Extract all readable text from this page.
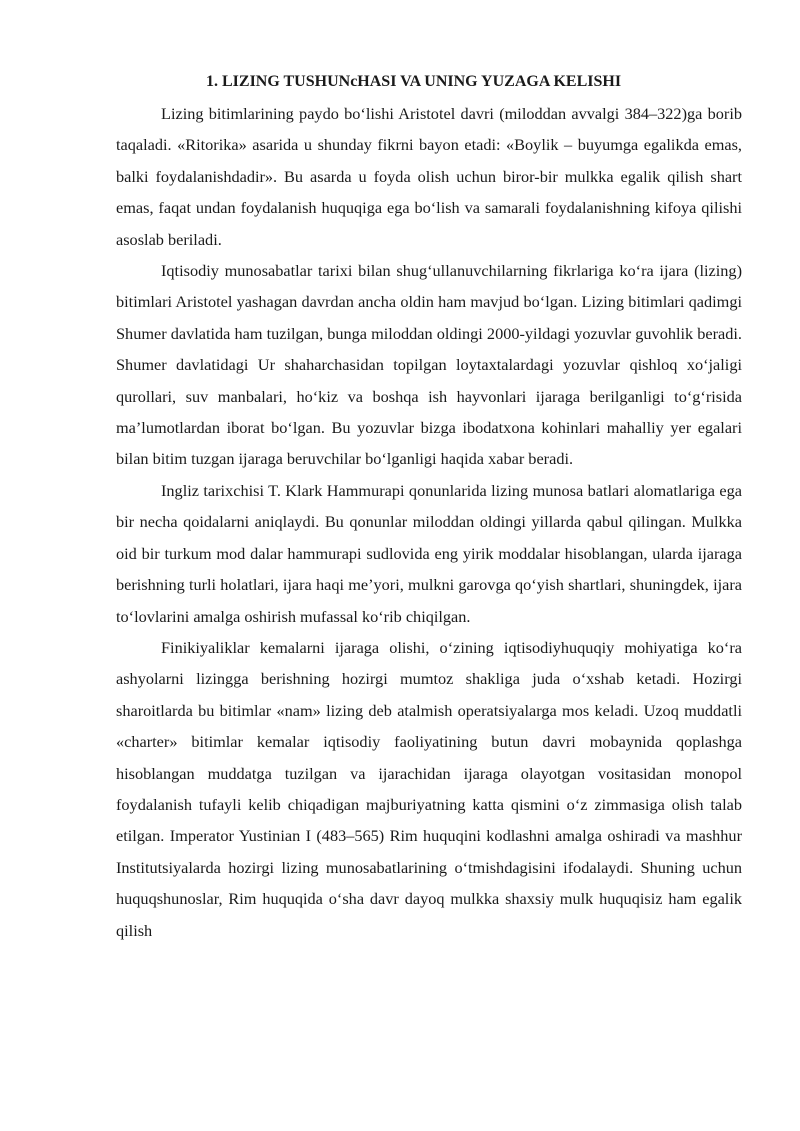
1. LIZING TUSHUNcHASI VA UNING YUZAGA KELISHI

Lizing bitimlarining paydo bo‘lishi Aristotel davri (miloddan avvalgi 384–322)ga borib taqaladi. «Ritorika» asarida u shunday fikrni bayon etadi: «Boylik – buyumga egalikda emas, balki foydalanishdadir». Bu asarda u foyda olish uchun biror-bir mulkka egalik qilish shart emas, faqat undan foydalanish huquqiga ega bo‘lish va samarali foydalanishning kifoya qilishi asoslab beriladi.

Iqtisodiy munosabatlar tarixi bilan shug‘ullanuvchilarning fikrlariga ko‘ra ijara (lizing) bitimlari Aristotel yashagan davrdan ancha oldin ham mavjud bo‘lgan. Lizing bitimlari qadimgi Shumer davlatida ham tuzilgan, bunga miloddan oldingi 2000-yildagi yozuvlar guvohlik beradi. Shumer davlatidagi Ur shaharchasidan topilgan loytaxtalardagi yozuvlar qishloq xo‘jaligi qurollari, suv manbalari, ho‘kiz va boshqa ish hayvonlari ijaraga berilganligi to‘g‘risida ma’lumotlardan iborat bo‘lgan. Bu yozuvlar bizga ibodatxona kohinlari mahalliy yer egalari bilan bitim tuzgan ijaraga beruvchilar bo‘lganligi haqida xabar beradi.

Ingliz tarixchisi T. Klark Hammurapi qonunlarida lizing munosa batlari alomatlariga ega bir necha qoidalarni aniqlaydi. Bu qonunlar miloddan oldingi yillarda qabul qilingan. Mulkka oid bir turkum mod dalar hammurapi sudlovida eng yirik moddalar hisoblangan, ularda ijaraga berishning turli holatlari, ijara haqi me’yori, mulkni garovga qo‘yish shartlari, shuningdek, ijara to‘lovlarini amalga oshirish mufassal ko‘rib chiqilgan.

Finikiyaliklar kemalarni ijaraga olishi, o‘zining iqtisodiyhuquqiy mohiyatiga ko‘ra ashyolarni lizingga berishning hozirgi mumtoz shakliga juda o‘xshab ketadi. Hozirgi sharoitlarda bu bitimlar «nam» lizing deb atalmish operatsiyalarga mos keladi. Uzoq muddatli «charter» bitimlar kemalar iqtisodiy faoliyatining butun davri mobaynida qoplashga hisoblangan muddatga tuzilgan va ijarachidan ijaraga olayotgan vositasidan monopol foydalanish tufayli kelib chiqadigan majburiyatning katta qismini o‘z zimmasiga olish talab etilgan. Imperator Yustinian I (483–565) Rim huquqini kodlashni amalga oshiradi va mashhur Institutsiyalarda hozirgi lizing munosabatlarining o‘tmishdagisini ifodalaydi. Shuning uchun huquqshunoslar, Rim huquqida o‘sha davr dayoq mulkka shaxsiy mulk huquqisiz ham egalik qilish
